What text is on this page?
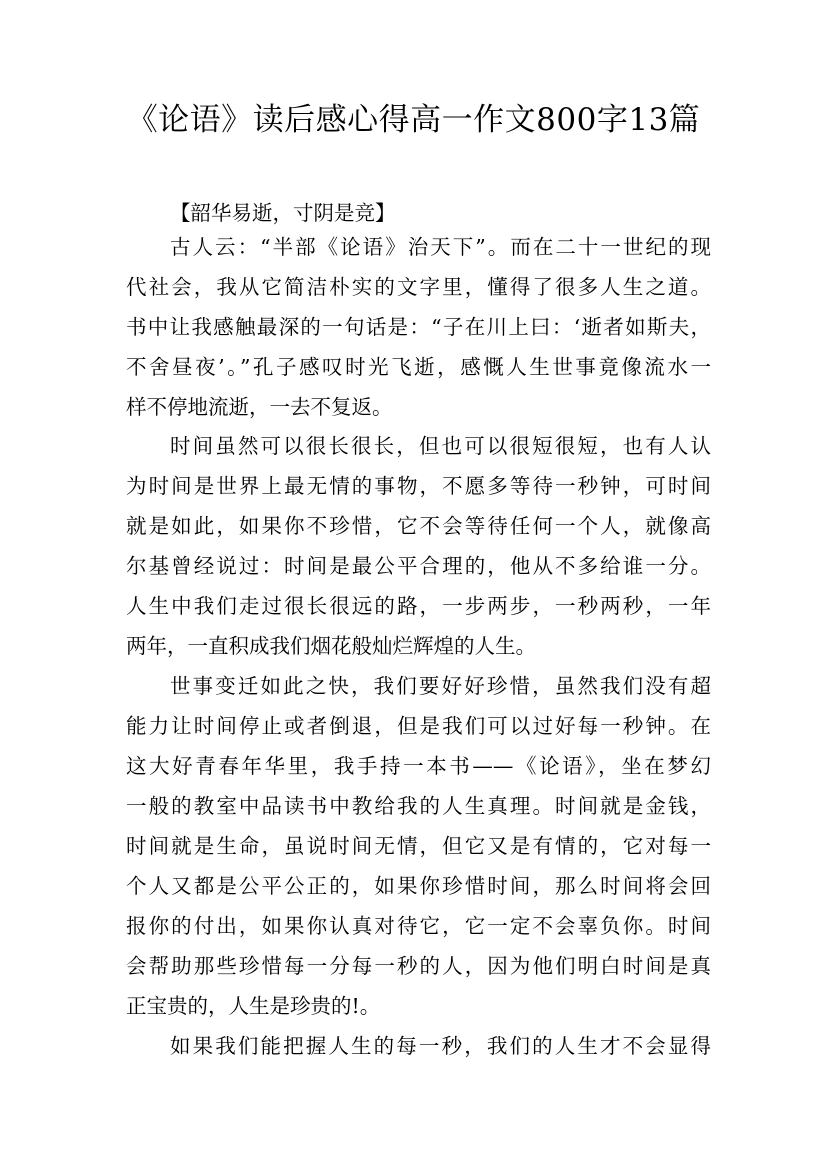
《论语》读后感心得高一作文800字13篇
【韶华易逝，寸阴是竞】
古人云：“半部《论语》治天下”。而在二十一世纪的现
代社会，我从它简洁朴实的文字里，懂得了很多人生之道。
书中让我感触最深的一句话是：“子在川上曰：‘逝者如斯夫，
不舍昼夜’。”孔子感叹时光飞逝，感慨人生世事竟像流水一
样不停地流逝，一去不复返。
时间虽然可以很长很长，但也可以很短很短，也有人认
为时间是世界上最无情的事物，不愿多等待一秒钟，可时间
就是如此，如果你不珍惜，它不会等待任何一个人，就像高
尔基曾经说过：时间是最公平合理的，他从不多给谁一分。
人生中我们走过很长很远的路，一步两步，一秒两秒，一年
两年，一直积成我们烟花般灿烂辉煌的人生。
世事变迁如此之快，我们要好好珍惜，虽然我们没有超
能力让时间停止或者倒退，但是我们可以过好每一秒钟。在
这大好青春年华里，我手持一本书——《论语》，坐在梦幻
一般的教室中品读书中教给我的人生真理。时间就是金钱，
时间就是生命，虽说时间无情，但它又是有情的，它对每一
个人又都是公平公正的，如果你珍惜时间，那么时间将会回
报你的付出，如果你认真对待它，它一定不会辜负你。时间
会帮助那些珍惜每一分每一秒的人，因为他们明白时间是真
正宝贵的，人生是珍贵的!。
如果我们能把握人生的每一秒，我们的人生才不会显得
